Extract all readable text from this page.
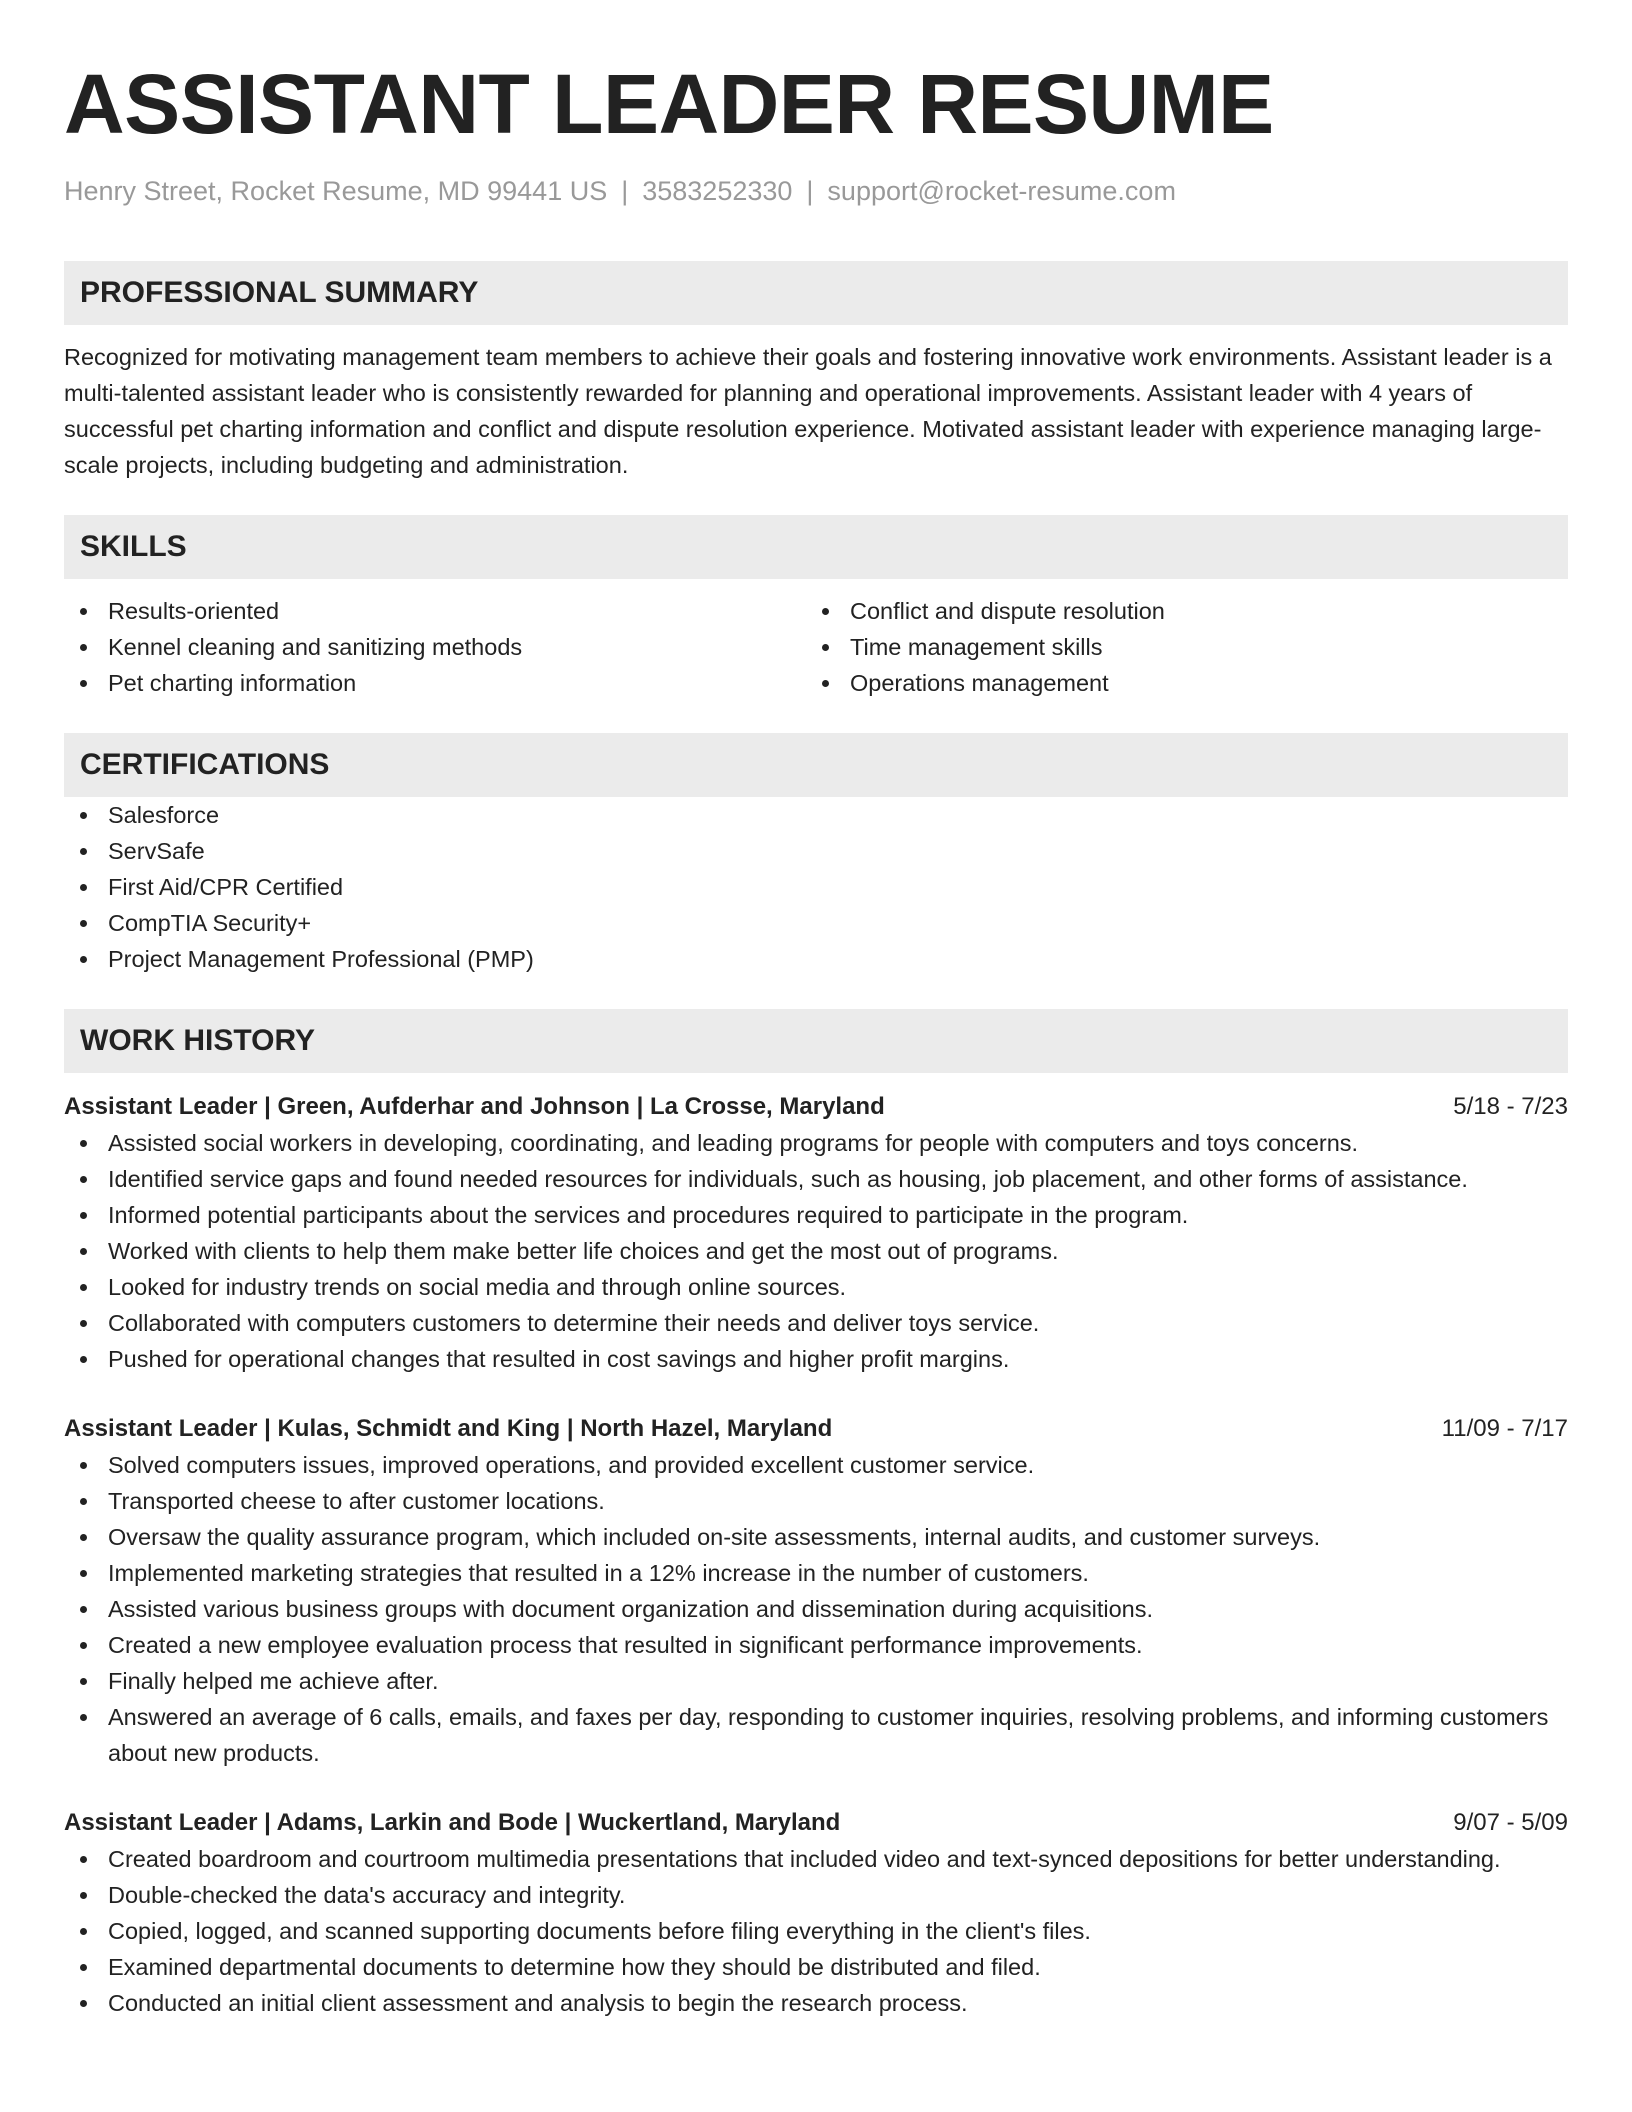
ASSISTANT LEADER RESUME
Henry Street, Rocket Resume, MD 99441 US | 3583252330 | support@rocket-resume.com
PROFESSIONAL SUMMARY

Recognized for motivating management team members to achieve their goals and fostering innovative work environments. Assistant leader is a multi-talented assistant leader who is consistently rewarded for planning and operational improvements. Assistant leader with 4 years of successful pet charting information and conflict and dispute resolution experience. Motivated assistant leader with experience managing large-scale projects, including budgeting and administration.

SKILLS
Results-oriented
Kennel cleaning and sanitizing methods
Pet charting information
Conflict and dispute resolution
Time management skills
Operations management
CERTIFICATIONS
Salesforce
ServSafe
First Aid/CPR Certified
CompTIA Security+
Project Management Professional (PMP)
WORK HISTORY
Assistant Leader | Green, Aufderhar and Johnson | La Crosse, Maryland	5/18 - 7/23
Assisted social workers in developing, coordinating, and leading programs for people with computers and toys concerns.
Identified service gaps and found needed resources for individuals, such as housing, job placement, and other forms of assistance.
Informed potential participants about the services and procedures required to participate in the program.
Worked with clients to help them make better life choices and get the most out of programs.
Looked for industry trends on social media and through online sources.
Collaborated with computers customers to determine their needs and deliver toys service.
Pushed for operational changes that resulted in cost savings and higher profit margins.
Assistant Leader | Kulas, Schmidt and King | North Hazel, Maryland	11/09 - 7/17
Solved computers issues, improved operations, and provided excellent customer service.
Transported cheese to after customer locations.
Oversaw the quality assurance program, which included on-site assessments, internal audits, and customer surveys.
Implemented marketing strategies that resulted in a 12% increase in the number of customers.
Assisted various business groups with document organization and dissemination during acquisitions.
Created a new employee evaluation process that resulted in significant performance improvements.
Finally helped me achieve after.
Answered an average of 6 calls, emails, and faxes per day, responding to customer inquiries, resolving problems, and informing customers about new products.
Assistant Leader | Adams, Larkin and Bode | Wuckertland, Maryland	9/07 - 5/09
Created boardroom and courtroom multimedia presentations that included video and text-synced depositions for better understanding.
Double-checked the data's accuracy and integrity.
Copied, logged, and scanned supporting documents before filing everything in the client's files.
Examined departmental documents to determine how they should be distributed and filed.
Conducted an initial client assessment and analysis to begin the research process.
